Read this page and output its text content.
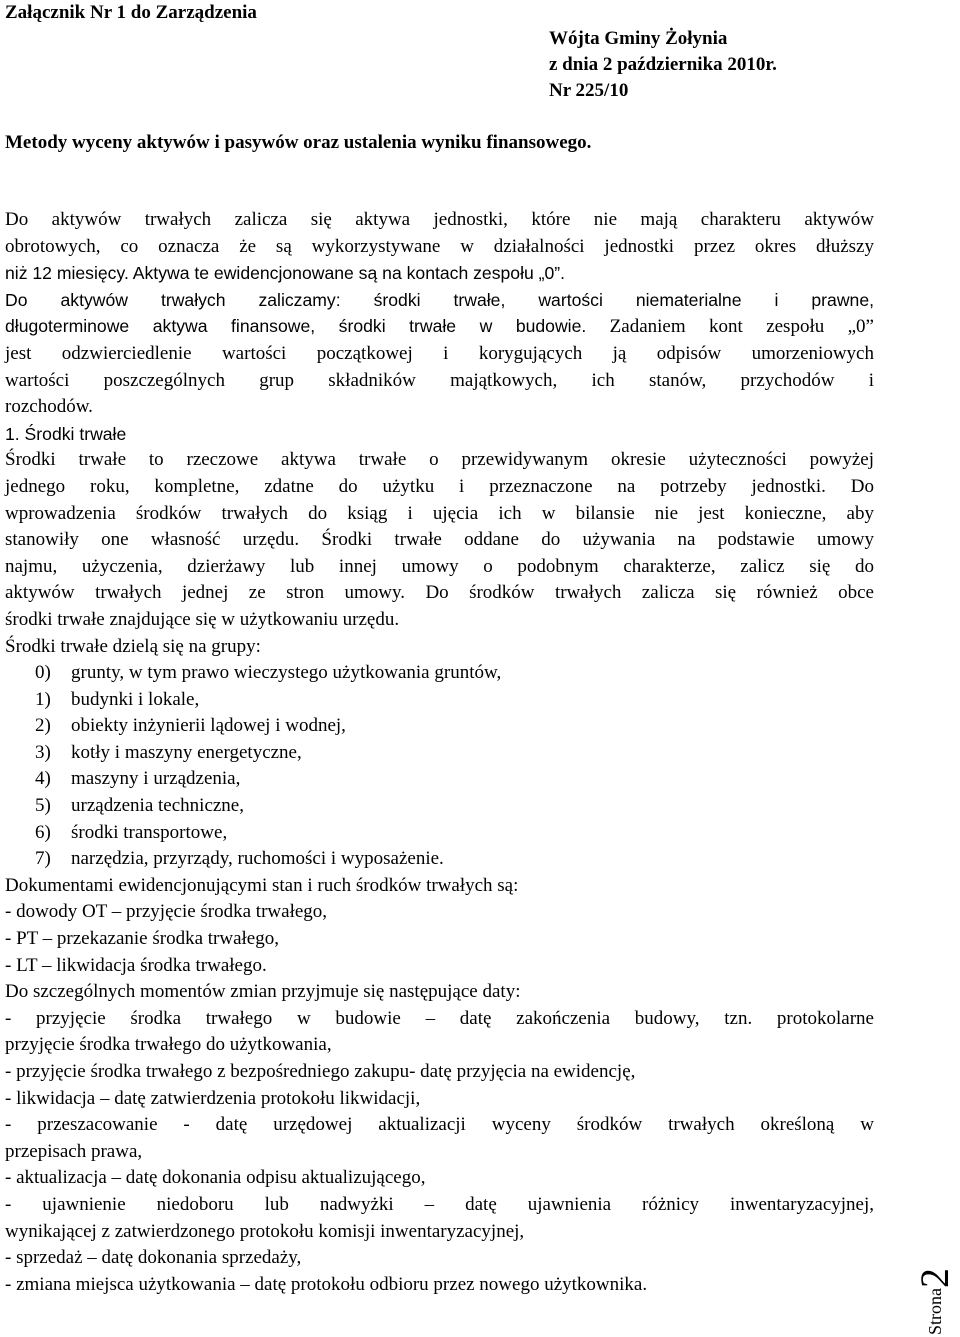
Załącznik Nr 1 do Zarządzenia
Wójta Gminy Żołynia
z dnia 2 października 2010r.
Nr 225/10
Metody wyceny aktywów i pasywów oraz ustalenia wyniku finansowego.

Do aktywów trwałych zalicza się aktywa jednostki, które nie mają charakteru aktywów
obrotowych, co oznacza że są wykorzystywane w działalności jednostki przez okres dłuższy
niż 12 miesięcy. Aktywa te ewidencjonowane są na kontach zespołu „0”.

Do aktywów trwałych zaliczamy: środki trwałe, wartości niematerialne i prawne,
długoterminowe aktywa finansowe, środki trwałe w budowie. Zadaniem kont zespołu „0”
jest odzwierciedlenie wartości początkowej i korygujących ją odpisów umorzeniowych
wartości poszczególnych grup składników majątkowych, ich stanów, przychodów i
rozchodów.

1. Środki trwałe

Środki trwałe to rzeczowe aktywa trwałe o przewidywanym okresie użyteczności powyżej
jednego roku, kompletne, zdatne do użytku i przeznaczone na potrzeby jednostki. Do
wprowadzenia środków trwałych do ksiąg i ujęcia ich w bilansie nie jest konieczne, aby
stanowiły one własność urzędu. Środki trwałe oddane do używania na podstawie umowy
najmu, użyczenia, dzierżawy lub innej umowy o podobnym charakterze, zalicz się do
aktywów trwałych jednej ze stron umowy. Do środków trwałych zalicza się również obce
środki trwałe znajdujące się w użytkowaniu urzędu.

Środki trwałe dzielą się na grupy:

0) grunty, w tym prawo wieczystego użytkowania gruntów,
1) budynki i lokale,
2) obiekty inżynierii lądowej i wodnej,
3) kotły i maszyny energetyczne,
4) maszyny i urządzenia,
5) urządzenia techniczne,
6) środki transportowe,
7) narzędzia, przyrządy, ruchomości i wyposażenie.

Dokumentami ewidencjonującymi stan i ruch środków trwałych są:

- dowody OT – przyjęcie środka trwałego,

- PT – przekazanie środka trwałego,

- LT – likwidacja środka trwałego.

Do szczególnych momentów zmian przyjmuje się następujące daty:

- przyjęcie środka trwałego w budowie – datę zakończenia budowy, tzn. protokolarne
przyjęcie środka trwałego do użytkowania,
- przyjęcie środka trwałego z bezpośredniego zakupu- datę przyjęcia na ewidencję,
- likwidacja – datę zatwierdzenia protokołu likwidacji,
- przeszacowanie - datę urzędowej aktualizacji wyceny środków trwałych określoną w
przepisach prawa,
- aktualizacja – datę dokonania odpisu aktualizującego,
- ujawnienie niedoboru lub nadwyżki – datę ujawnienia różnicy inwentaryzacyjnej,
wynikającej z zatwierdzonego protokołu komisji inwentaryzacyjnej,
- sprzedaż – datę dokonania sprzedaży,
- zmiana miejsca użytkowania – datę protokołu odbioru przez nowego użytkownika.

Strona2
